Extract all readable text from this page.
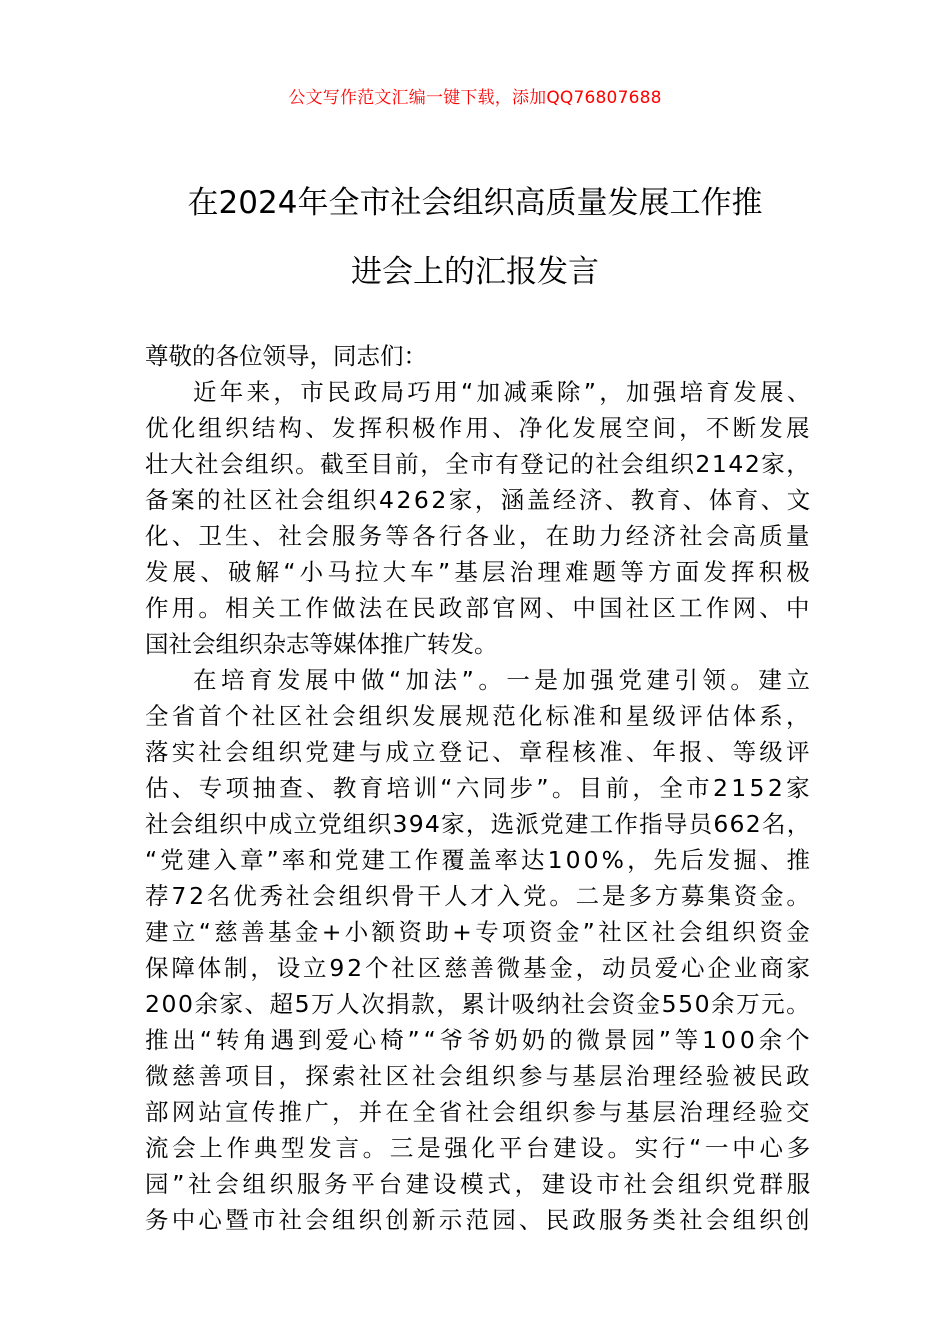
公文写作范文汇编一键下载，添加QQ76807688
在2024年全市社会组织高质量发展工作推
进会上的汇报发言
尊敬的各位领导，同志们：
近年来，市民政局巧用“加减乘除”，加强培育发展、
优化组织结构、发挥积极作用、净化发展空间，不断发展
壮大社会组织。截至目前，全市有登记的社会组织2142家，
备案的社区社会组织4262家，涵盖经济、教育、体育、文
化、卫生、社会服务等各行各业，在助力经济社会高质量
发展、破解“小马拉大车”基层治理难题等方面发挥积极
作用。相关工作做法在民政部官网、中国社区工作网、中
国社会组织杂志等媒体推广转发。
在培育发展中做“加法”。一是加强党建引领。建立
全省首个社区社会组织发展规范化标准和星级评估体系，
落实社会组织党建与成立登记、章程核准、年报、等级评
估、专项抽查、教育培训“六同步”。目前，全市2152家
社会组织中成立党组织394家，选派党建工作指导员662名，
“党建入章”率和党建工作覆盖率达100%，先后发掘、推
荐72名优秀社会组织骨干人才入党。二是多方募集资金。
建立“慈善基金+小额资助+专项资金”社区社会组织资金
保障体制，设立92个社区慈善微基金，动员爱心企业商家
200余家、超5万人次捐款，累计吸纳社会资金550余万元。
推出“转角遇到爱心椅”“爷爷奶奶的微景园”等100余个
微慈善项目，探索社区社会组织参与基层治理经验被民政
部网站宣传推广，并在全省社会组织参与基层治理经验交
流会上作典型发言。三是强化平台建设。实行“一中心多
园”社会组织服务平台建设模式，建设市社会组织党群服
务中心暨市社会组织创新示范园、民政服务类社会组织创
